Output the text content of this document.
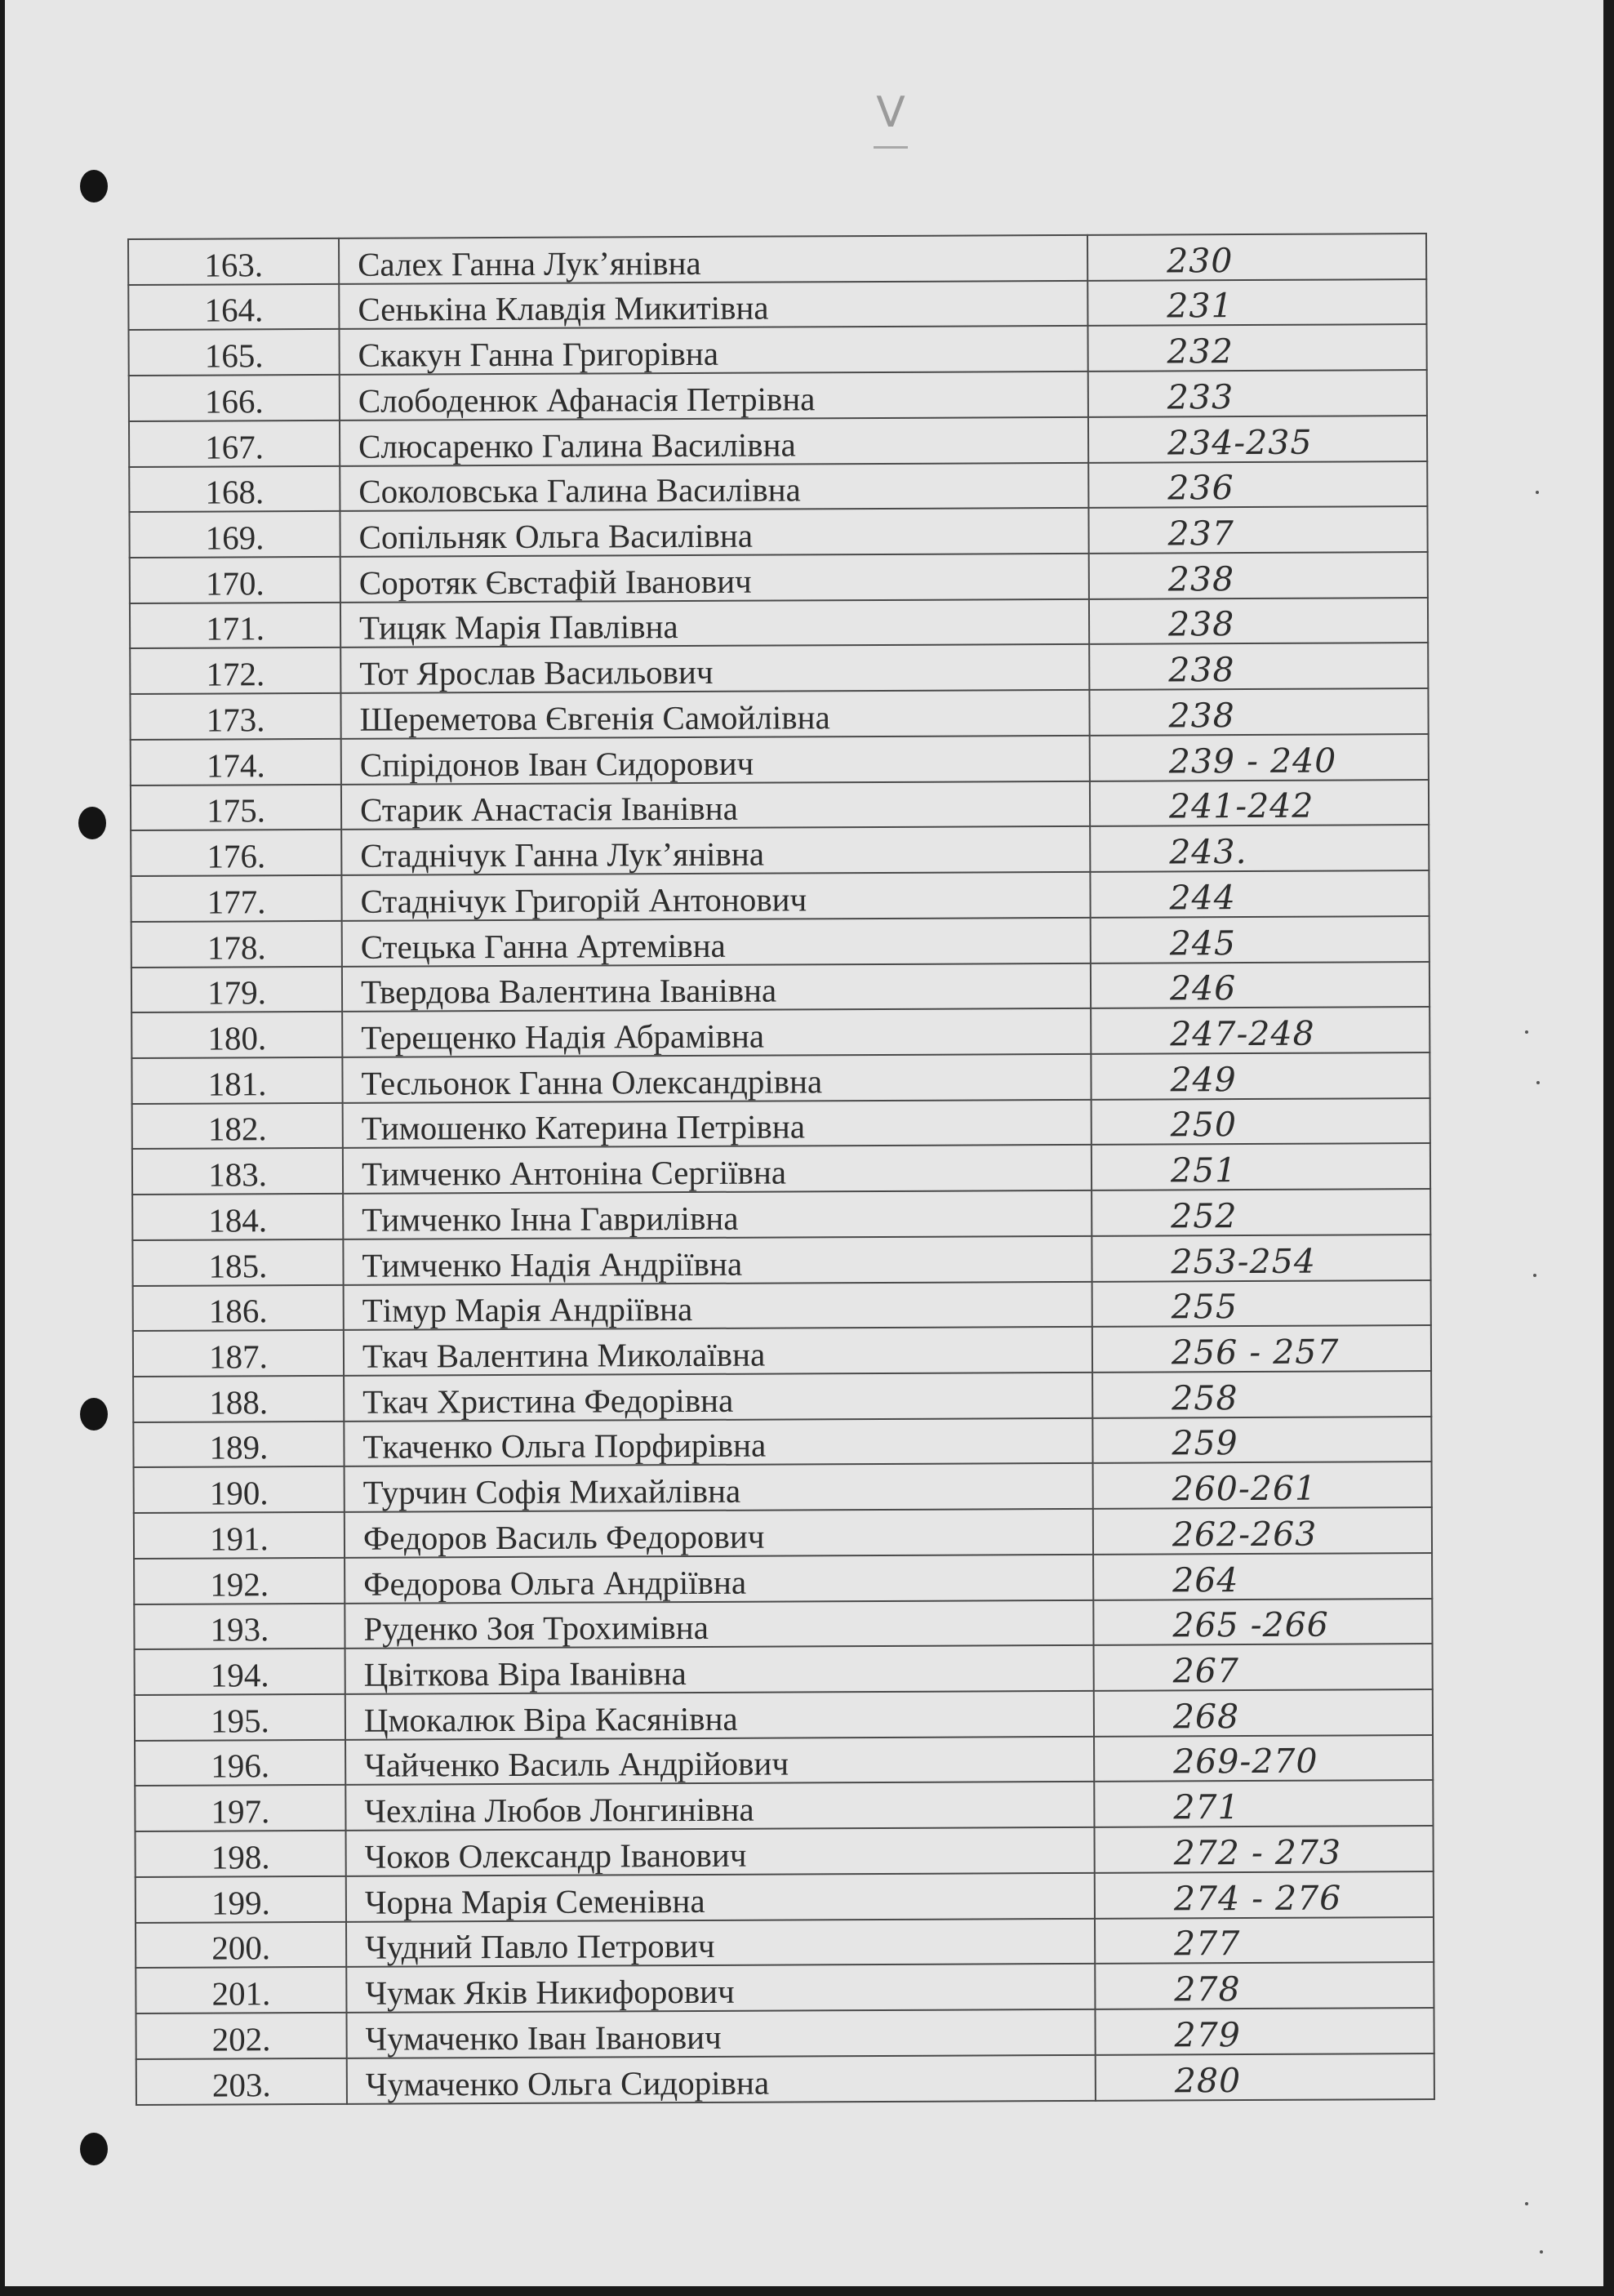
V
163.	Салех Ганна Лук’янівна	230
164.	Сенькіна Клавдія Микитівна	231
165.	Скакун Ганна Григорівна	232
166.	Слободенюк Афанасія Петрівна	233
167.	Слюсаренко Галина Василівна	234-235
168.	Соколовська Галина Василівна	236
169.	Сопільняк Ольга Василівна	237
170.	Соротяк Євстафій Іванович	238
171.	Тицяк Марія Павлівна	238
172.	Тот Ярослав Васильович	238
173.	Шереметова Євгенія Самойлівна	238
174.	Спірідонов Іван Сидорович	239 - 240
175.	Старик Анастасія Іванівна	241-242
176.	Стаднічук Ганна Лук’янівна	243.
177.	Стаднічук Григорій Антонович	244
178.	Стецька Ганна Артемівна	245
179.	Твердова Валентина Іванівна	246
180.	Терещенко Надія Абрамівна	247-248
181.	Тесльонок Ганна Олександрівна	249
182.	Тимошенко Катерина Петрівна	250
183.	Тимченко Антоніна Сергіївна	251
184.	Тимченко Інна Гаврилівна	252
185.	Тимченко Надія Андріївна	253-254
186.	Тімур Марія Андріївна	255
187.	Ткач Валентина Миколаївна	256 - 257
188.	Ткач Христина Федорівна	258
189.	Ткаченко Ольга Порфирівна	259
190.	Турчин Софія Михайлівна	260-261
191.	Федоров Василь Федорович	262-263
192.	Федорова Ольга Андріївна	264
193.	Руденко Зоя Трохимівна	265 -266
194.	Цвіткова Віра Іванівна	267
195.	Цмокалюк Віра Касянівна	268
196.	Чайченко Василь Андрійович	269-270
197.	Чехліна Любов Лонгинівна	271
198.	Чоков Олександр Іванович	272 - 273
199.	Чорна Марія Семенівна	274 - 276
200.	Чудний Павло Петрович	277
201.	Чумак Яків Никифорович	278
202.	Чумаченко Іван Іванович	279
203.	Чумаченко Ольга Сидорівна	280
